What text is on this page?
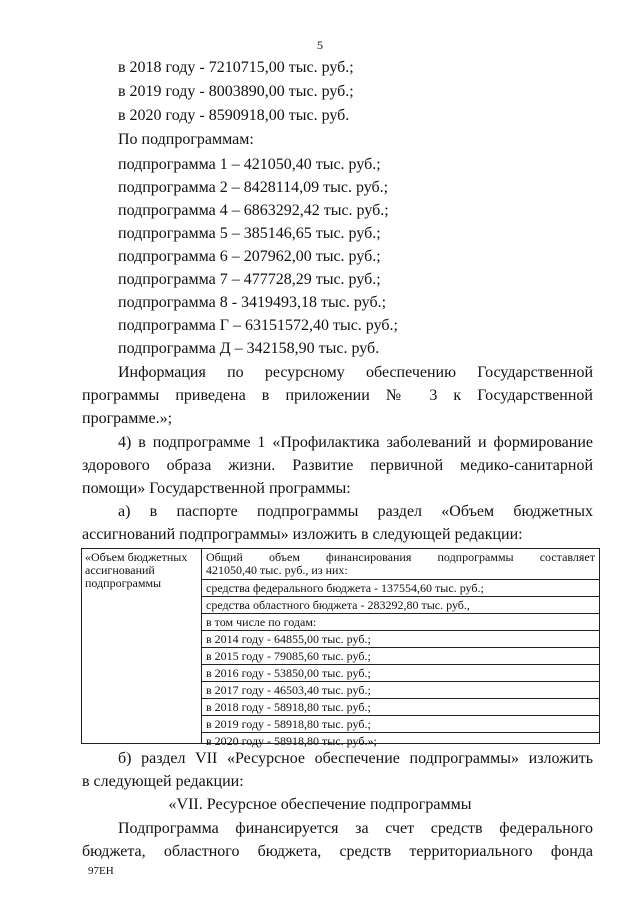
5
в 2018 году - 7210715,00 тыс. руб.;
в 2019 году - 8003890,00 тыс. руб.;
в 2020 году - 8590918,00 тыс. руб.
По подпрограммам:
подпрограмма 1 – 421050,40 тыс. руб.;
подпрограмма 2 – 8428114,09 тыс. руб.;
подпрограмма 4 – 6863292,42 тыс. руб.;
подпрограмма 5 – 385146,65 тыс. руб.;
подпрограмма 6 – 207962,00 тыс. руб.;
подпрограмма 7 – 477728,29 тыс. руб.;
подпрограмма 8 - 3419493,18 тыс. руб.;
подпрограмма Г – 63151572,40 тыс. руб.;
подпрограмма Д – 342158,90 тыс. руб.
Информация по ресурсному обеспечению Государственной
программы приведена в приложении № 3 к Государственной
программе.»;
4) в подпрограмме 1 «Профилактика заболеваний и формирование
здорового образа жизни. Развитие первичной медико-санитарной
помощи» Государственной программы:
а) в паспорте подпрограммы раздел «Объем бюджетных
ассигнований подпрограммы» изложить в следующей редакции:
«Объем бюджетных ассигнований подпрограммы
Общий объем финансирования подпрограммы составляет
421050,40 тыс. руб., из них:
средства федерального бюджета - 137554,60 тыс. руб.;
средства областного бюджета - 283292,80 тыс. руб.,
в том числе по годам:
в 2014 году - 64855,00 тыс. руб.;
в 2015 году - 79085,60 тыс. руб.;
в 2016 году - 53850,00 тыс. руб.;
в 2017 году - 46503,40 тыс. руб.;
в 2018 году - 58918,80 тыс. руб.;
в 2019 году - 58918,80 тыс. руб.;
в 2020 году - 58918,80 тыс. руб.»;
б) раздел VII «Ресурсное обеспечение подпрограммы» изложить
в следующей редакции:
«VII. Ресурсное обеспечение подпрограммы
Подпрограмма финансируется за счет средств федерального
бюджета, областного бюджета, средств территориального фонда
97ЕН
